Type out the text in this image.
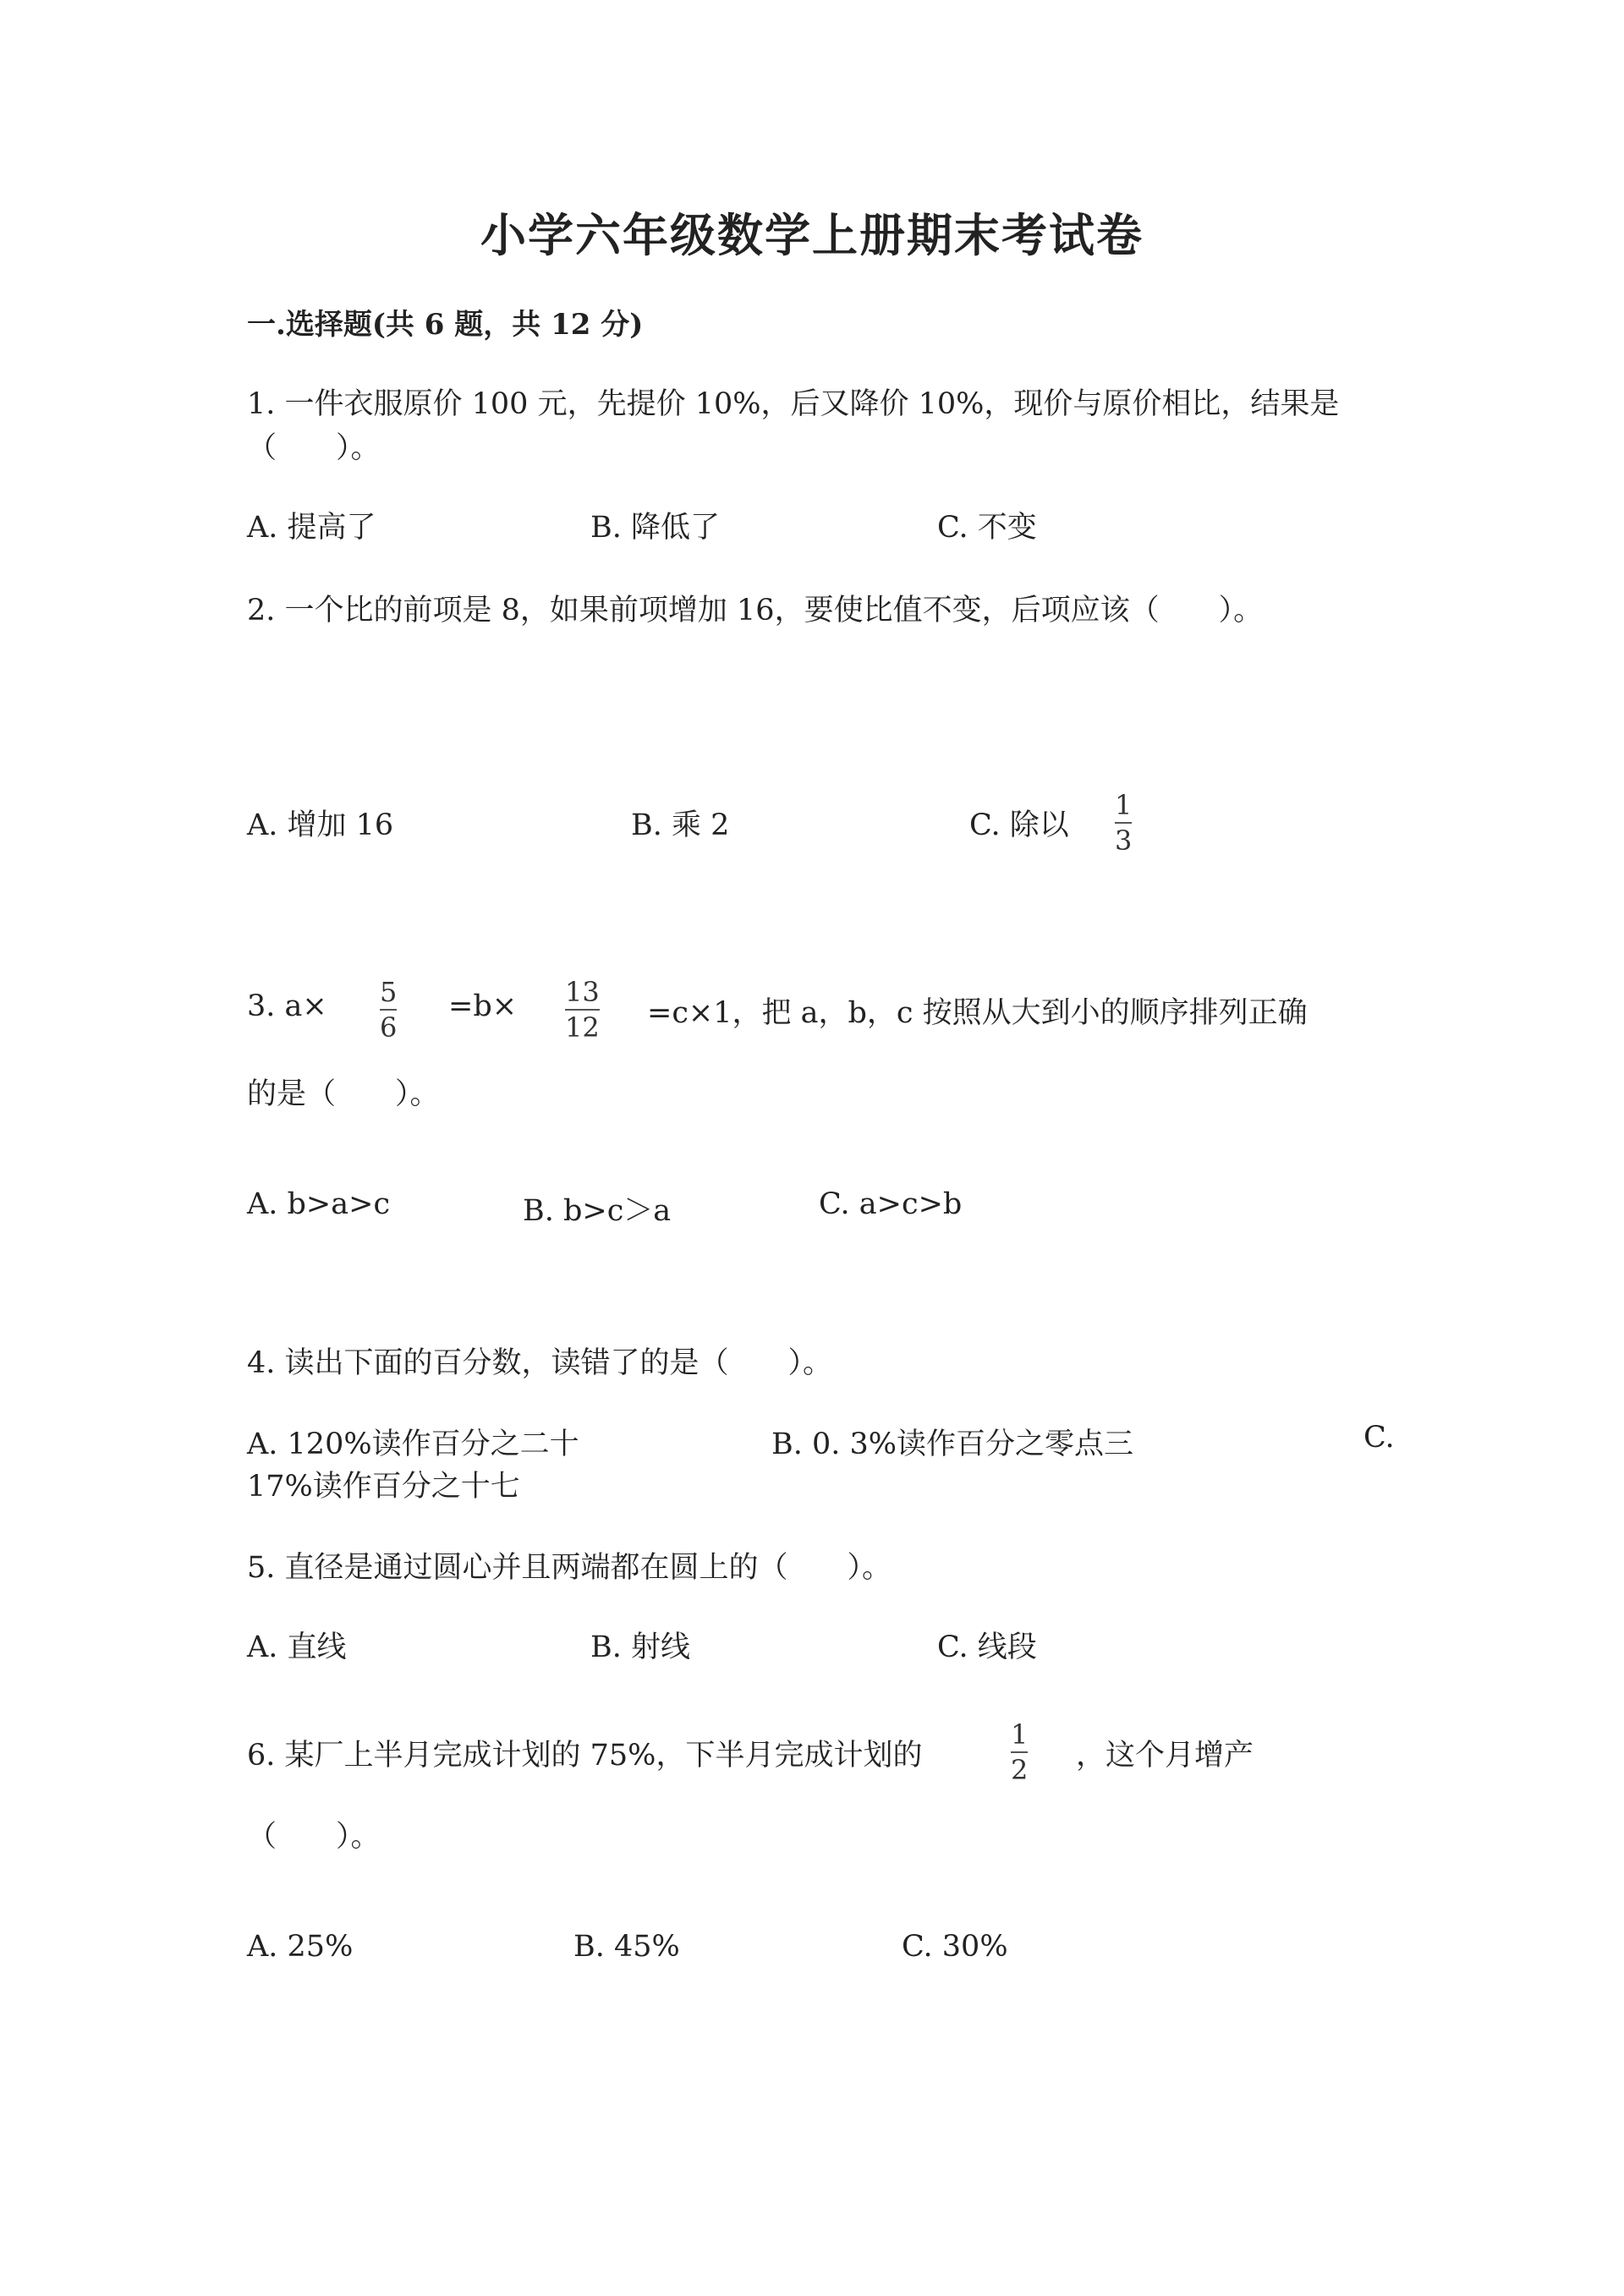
小学六年级数学上册期末考试卷
一.选择题(共 6 题，共 12 分)
1. 一件衣服原价 100 元，先提价 10%，后又降价 10%，现价与原价相比，结果是
（　　）。
A. 提高了	B. 降低了	C. 不变
2. 一个比的前项是 8，如果前项增加 16，要使比值不变，后项应该（　　）。
A. 增加 16	B. 乘 2	C. 除以
1
3
3. a× 5
6
=b× 13
12 =c×1，把 a，b，c 按照从大到小的顺序排列正确
的是（　　）。
A. b>a>c	B. b>c＞a	C. a>c>b
4. 读出下面的百分数，读错了的是（　　）。
A. 120%读作百分之二十	B. 0. 3%读作百分之零点三	C.
17%读作百分之十七
5. 直径是通过圆心并且两端都在圆上的（　　）。
A. 直线	B. 射线	C. 线段
6. 某厂上半月完成计划的 75%，下半月完成计划的
1
2 ，这个月增产
（　　）。
A. 25%	B. 45%	C. 30%
